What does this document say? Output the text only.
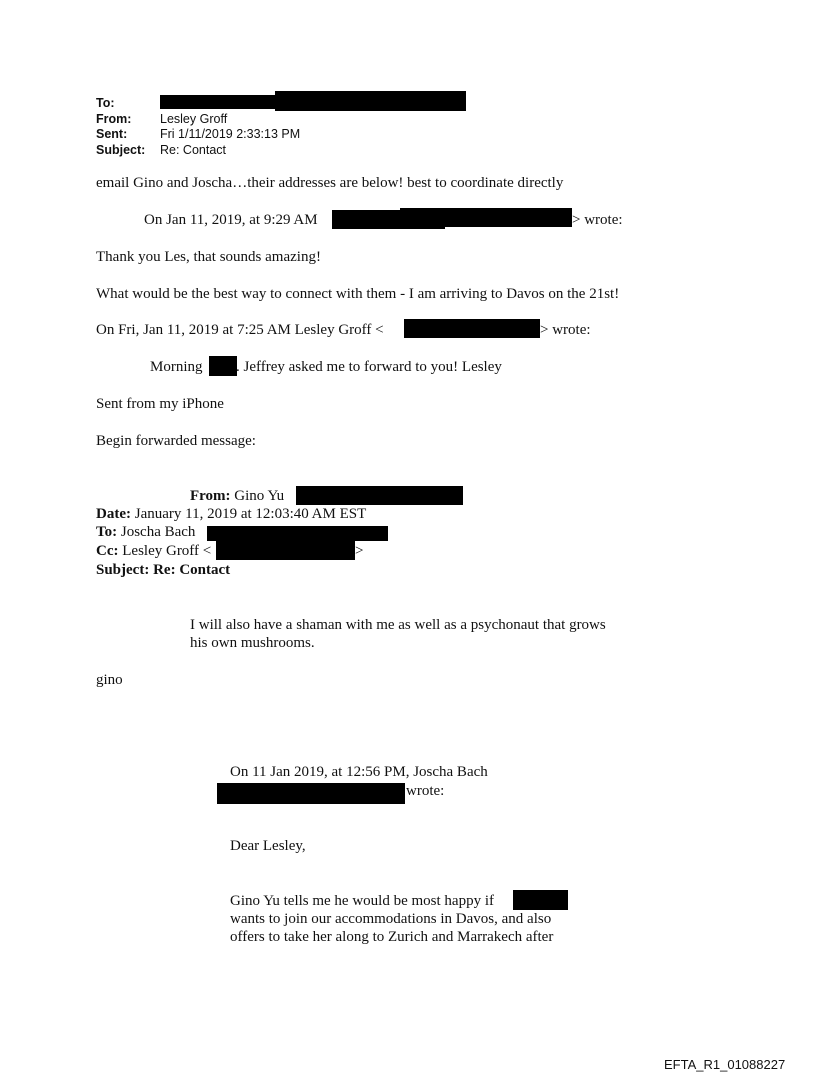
To:
From: Lesley Groff
Sent:	Fri 1/11/2019 2:33:13 PM
Subject: Re: Contact
email Gino and Joscha…their addresses are below! best to coordinate directly
On Jan 11, 2019, at 9:29 AM	> wrote:
Thank you Les, that sounds amazing!
What would be the best way to connect with them - I am arriving to Davos on the 21st!
On Fri, Jan 11, 2019 at 7:25 AM Lesley Groff <	> wrote:
Morning . Jeffrey asked me to forward to you! Lesley
Sent from my iPhone
Begin forwarded message:
From: Gino Yu
Date: January 11, 2019 at 12:03:40 AM EST
To: Joscha Bach
Cc: Lesley Groff <	>
Subject: Re: Contact
I will also have a shaman with me as well as a psychonaut that grows
his own mushrooms.
gino
On 11 Jan 2019, at 12:56 PM, Joscha Bach
wrote:
Dear Lesley,
Gino Yu tells me he would be most happy if
wants to join our accommodations in Davos, and also
offers to take her along to Zurich and Marrakech after
EFTA_R1_01088227
